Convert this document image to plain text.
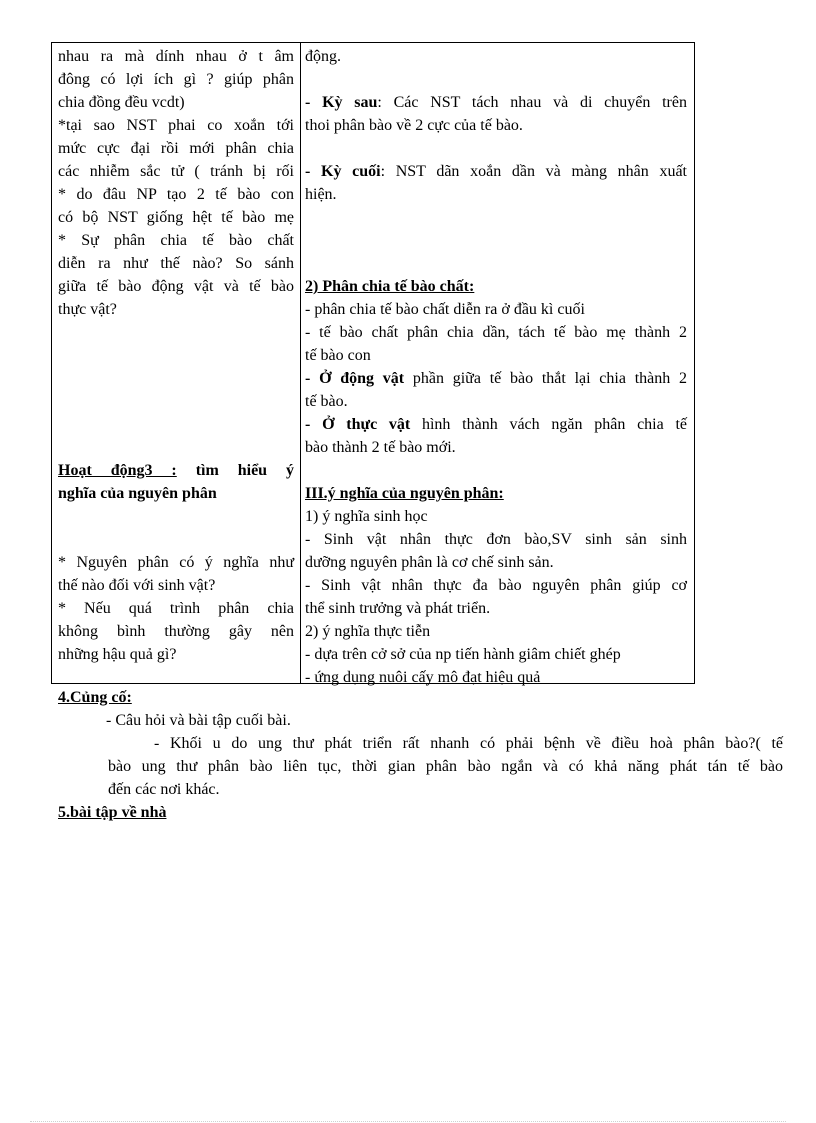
nhau ra mà dính nhau ở t âm
đông có lợi ích gì ? giúp phân
chia đồng đều vcdt)
*tại sao NST phai co xoắn tới
mức cực đại rồi mới phân chia
các nhiễm sắc tử ( tránh bị rối
* do đâu NP tạo 2 tế bào con
có bộ NST giống hệt tế bào mẹ
* Sự phân chia tế bào chất
diễn ra như thế nào? So sánh
giữa tế bào động vật và tế bào
thực vật?
Hoạt động3 : tìm hiểu ý
nghĩa của nguyên phân
* Nguyên phân có ý nghĩa như
thế nào đối với sinh vật?
* Nếu quá trình phân chia
không bình thường gây nên
những hậu quả gì?
động.
- Kỳ sau: Các NST tách nhau và di chuyển trên
thoi phân bào về 2 cực của tế bào.
- Kỳ cuối: NST dãn xoắn dần và màng nhân xuất
hiện.
2) Phân chia tế bào chất:
- phân chia tế bào chất diễn ra ở đầu kì cuối
- tế bào chất phân chia dần, tách tế bào mẹ thành 2
tế bào con
- Ở động vật phần giữa tế bào thắt lại chia thành 2
tế bào.
- Ở thực vật hình thành vách ngăn phân chia tế
bào thành 2 tế bào mới.
III.ý nghĩa của nguyên phân:
1) ý nghĩa sinh học
- Sinh vật nhân thực đơn bào,SV sinh sản sinh
dưỡng nguyên phân là cơ chế sinh sản.
- Sinh vật nhân thực đa bào nguyên phân giúp cơ
thể sinh trưởng và phát triển.
2) ý nghĩa thực tiễn
- dựa trên cở sở của np tiến hành giâm chiết ghép
- ứng dụng nuôi cấy mô đạt hiệu quả
4.Củng cố:
- Câu hỏi và bài tập cuối bài.
- Khối u do ung thư phát triển rất nhanh có phải bệnh về điều hoà phân bào?( tế
bào ung thư phân bào liên tục, thời gian phân bào ngắn và có khả năng phát tán tế bào
đến các nơi khác.
5.bài tập về nhà
